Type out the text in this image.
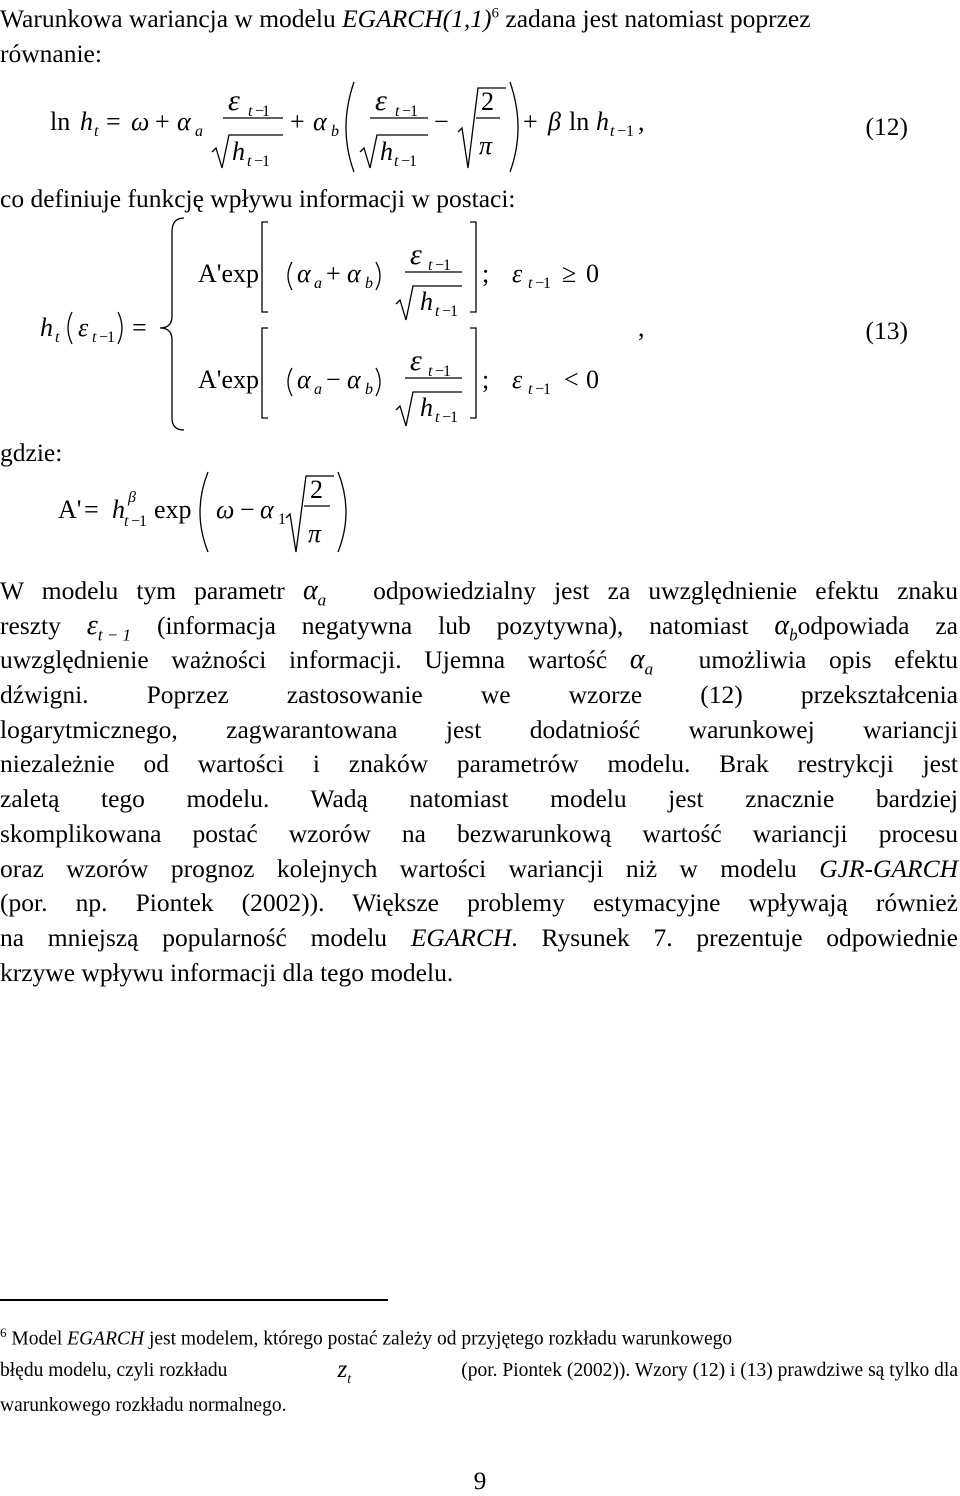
Warunkowa wariancja w modelu $EGARCH(1,1)^6$ zadana jest natomiast poprzez
równanie:
ln h t = ω + α a
ε t −
1
h t −
1
+ α b
ε t −
1
h t −
1
−
2
π
+ β ln h t − 1 ,	(12)
co definiuje funkcję wpływu informacji w postaci:
h t ε t −
1 =
A'exp α a + α b
ε t −
1
h t −
1
; ε t −
1 ≥ 0
,
A'exp α a − α b
ε t −
1
h t −
1
; ε t −
1 < 0
(13)
gdzie:
A' = h β
t −
1 exp ω − α 1
2
π
W modelu tym parametr $\alpha_a$ odpowiedzialny jest za uwzględnienie efektu znaku
reszty $\varepsilon_{t - 1}$ (informacja negatywna lub pozytywna), natomiast $\alpha_bodpowiada$ za
uwzględnienie ważności informacji. Ujemna wartość $\alpha_a$ umożliwia opis efektu
dźwigni. Poprzez zastosowanie we wzorze (12) przekształcenia
logarytmicznego, zagwarantowana jest dodatniość warunkowej wariancji
niezależnie od wartości i znaków parametrów modelu. Brak restrykcji jest
zaletą tego modelu. Wadą natomiast modelu jest znacznie bardziej
skomplikowana postać wzorów na bezwarunkową wartość wariancji procesu
oraz wzorów prognoz kolejnych wartości wariancji niż w modelu GJR-GARCH
(por. np. Piontek (2002)). Większe problemy estymacyjne wpływają również
na mniejszą popularność modelu EGARCH. Rysunek 7. prezentuje odpowiednie
krzywe wpływu informacji dla tego modelu.
$^6$ Model EGARCH jest modelem, którego postać zależy od przyjętego rozkładu warunkowego
błędu modelu, czyli rozkładu	$z_t$	(por. Piontek (2002)). Wzory (12) i (13) prawdziwe są tylko dla
warunkowego rozkładu normalnego.
9
